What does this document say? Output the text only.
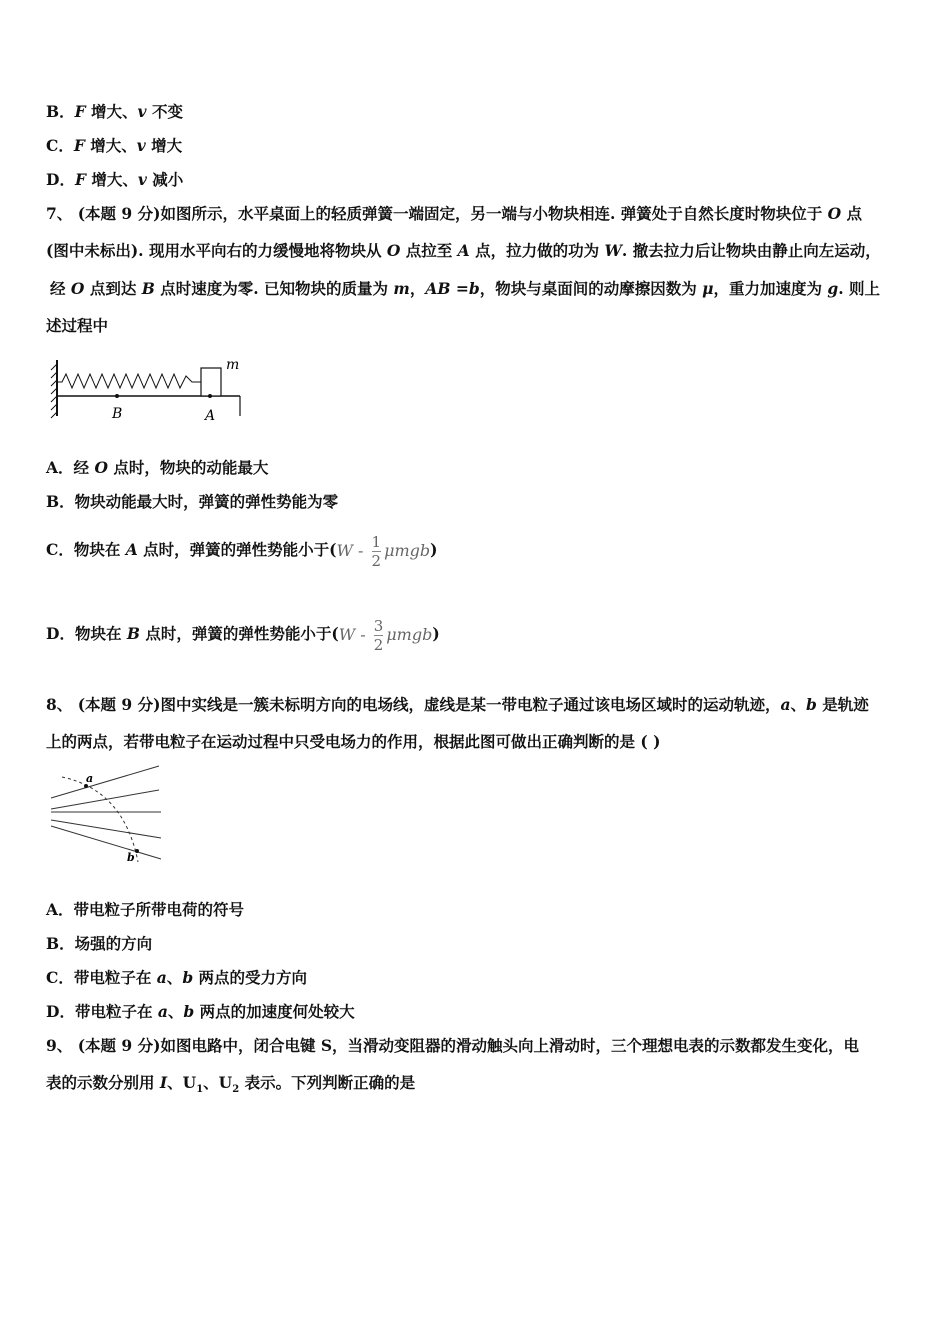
B．F 增大、v 不变
C．F 增大、v 增大
D．F 增大、v 减小
7、 (本题 9 分)如图所示，水平桌面上的轻质弹簧一端固定，另一端与小物块相连. 弹簧处于自然长度时物块位于 O 点
(图中未标出). 现用水平向右的力缓慢地将物块从 O 点拉至 A 点，拉力做的功为 W. 撤去拉力后让物块由静止向左运动，
经 O 点到达 B 点时速度为零. 已知物块的质量为 m，AB =b，物块与桌面间的动摩擦因数为 μ，重力加速度为 g. 则上
述过程中
m
B	A
A．经 O 点时，物块的动能最大
B．物块动能最大时，弹簧的弹性势能为零
C．物块在 A 点时，弹簧的弹性势能小于$(W - \frac{1}{2} \mu mgb)$
D．物块在 B 点时，弹簧的弹性势能小于$(W - \frac{3}{2} \mu mgb)$
8、 (本题 9 分)图中实线是一簇未标明方向的电场线，虚线是某一带电粒子通过该电场区域时的运动轨迹，a、b 是轨迹
上的两点，若带电粒子在运动过程中只受电场力的作用，根据此图可做出正确判断的是 ( )
a
b
A．带电粒子所带电荷的符号
B．场强的方向
C．带电粒子在 a、b 两点的受力方向
D．带电粒子在 a、b 两点的加速度何处较大
9、 (本题 9 分)如图电路中，闭合电键 S，当滑动变阻器的滑动触头向上滑动时，三个理想电表的示数都发生变化，电
表的示数分别用 I、$U_1$、$U_2$ 表示。下列判断正确的是
